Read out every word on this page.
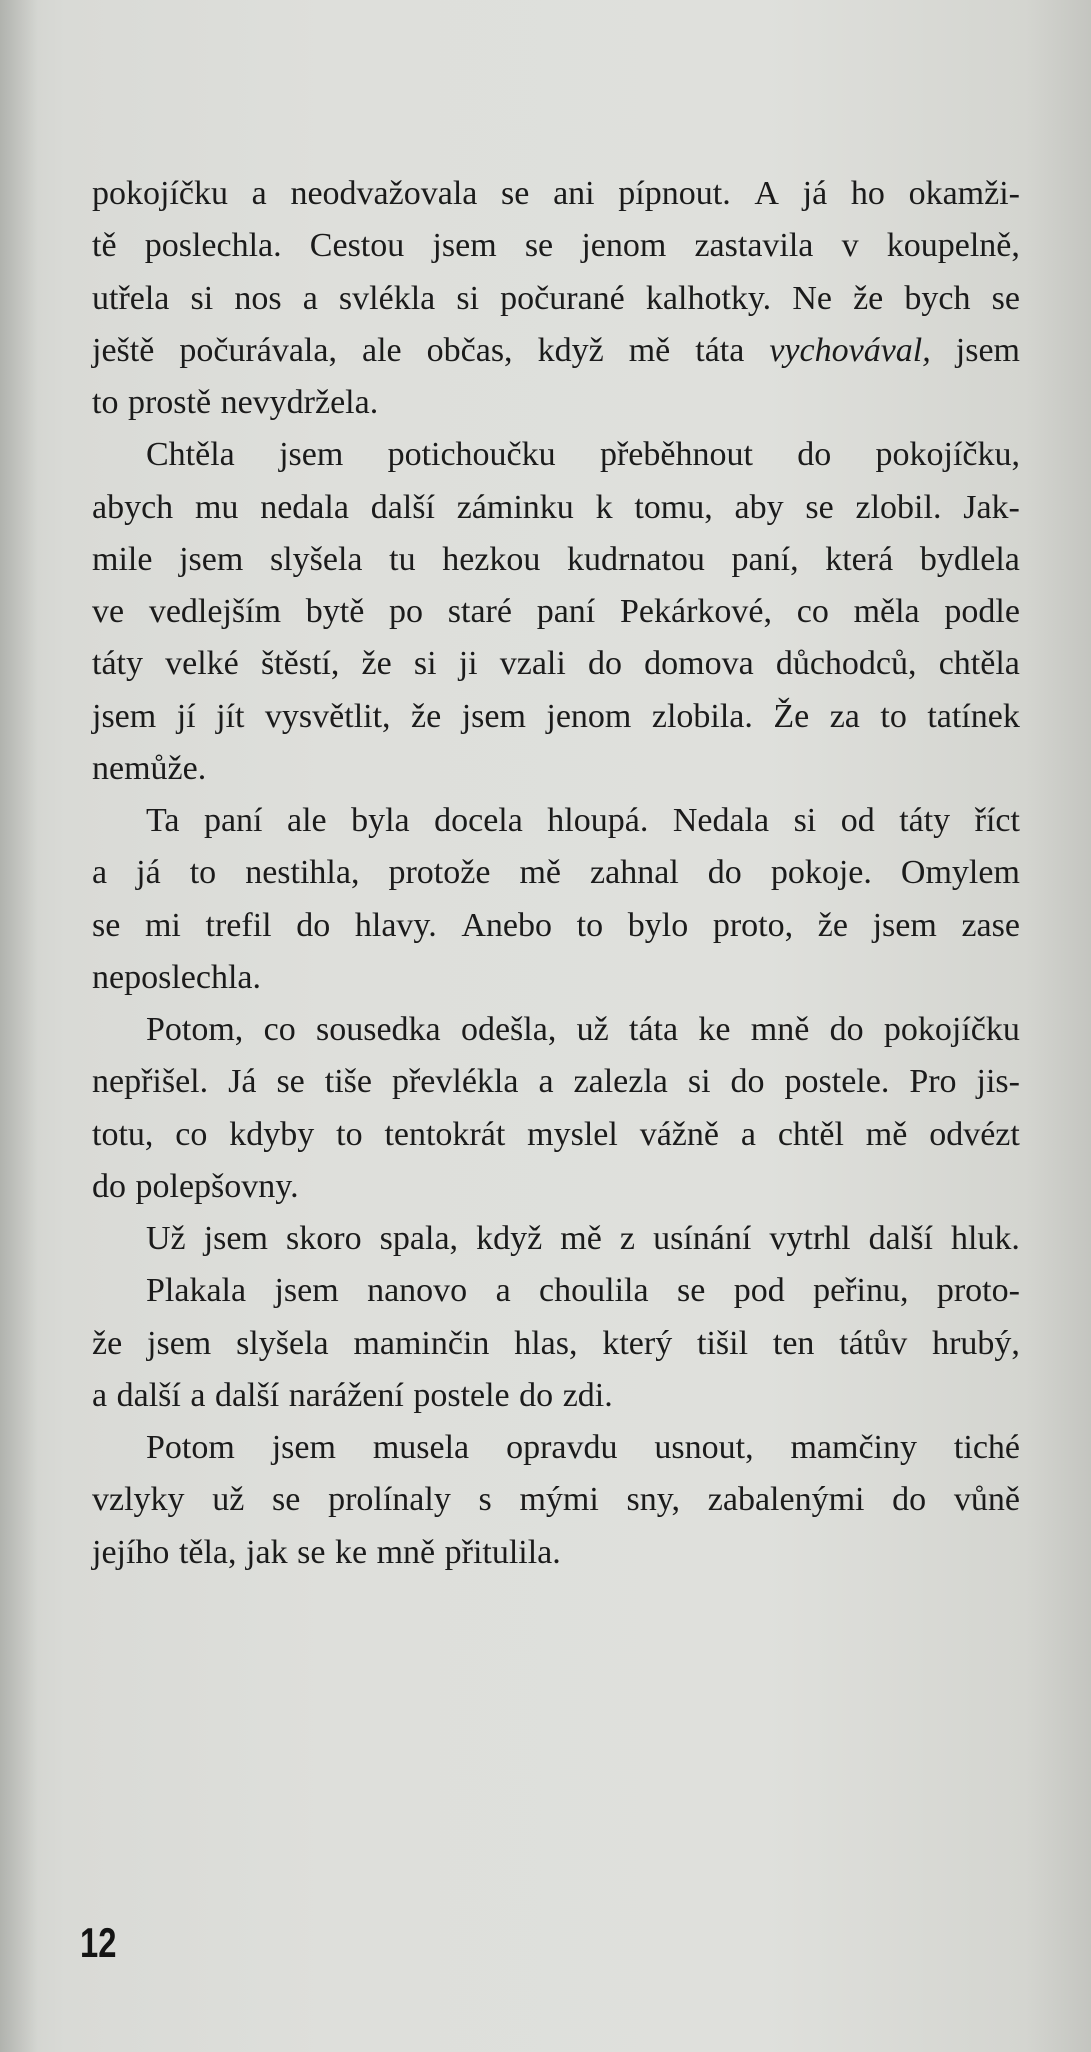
pokojíčku a neodvažovala se ani pípnout. A já ho okamži-
tě poslechla. Cestou jsem se jenom zastavila v koupelně,
utřela si nos a svlékla si počurané kalhotky. Ne že bych se
ještě počurávala, ale občas, když mě táta vychovával, jsem
to prostě nevydržela.
Chtěla jsem potichoučku přeběhnout do pokojíčku,
abych mu nedala další záminku k tomu, aby se zlobil. Jak-
mile jsem slyšela tu hezkou kudrnatou paní, která bydlela
ve vedlejším bytě po staré paní Pekárkové, co měla podle
táty velké štěstí, že si ji vzali do domova důchodců, chtěla
jsem jí jít vysvětlit, že jsem jenom zlobila. Že za to tatínek
nemůže.
Ta paní ale byla docela hloupá. Nedala si od táty říct
a já to nestihla, protože mě zahnal do pokoje. Omylem
se mi trefil do hlavy. Anebo to bylo proto, že jsem zase
neposlechla.
Potom, co sousedka odešla, už táta ke mně do pokojíčku
nepřišel. Já se tiše převlékla a zalezla si do postele. Pro jis-
totu, co kdyby to tentokrát myslel vážně a chtěl mě odvézt
do polepšovny.
Už jsem skoro spala, když mě z usínání vytrhl další hluk.
Plakala jsem nanovo a choulila se pod peřinu, proto-
že jsem slyšela maminčin hlas, který tišil ten tátův hrubý,
a další a další narážení postele do zdi.
Potom jsem musela opravdu usnout, mamčiny tiché
vzlyky už se prolínaly s mými sny, zabalenými do vůně
jejího těla, jak se ke mně přitulila.
12
